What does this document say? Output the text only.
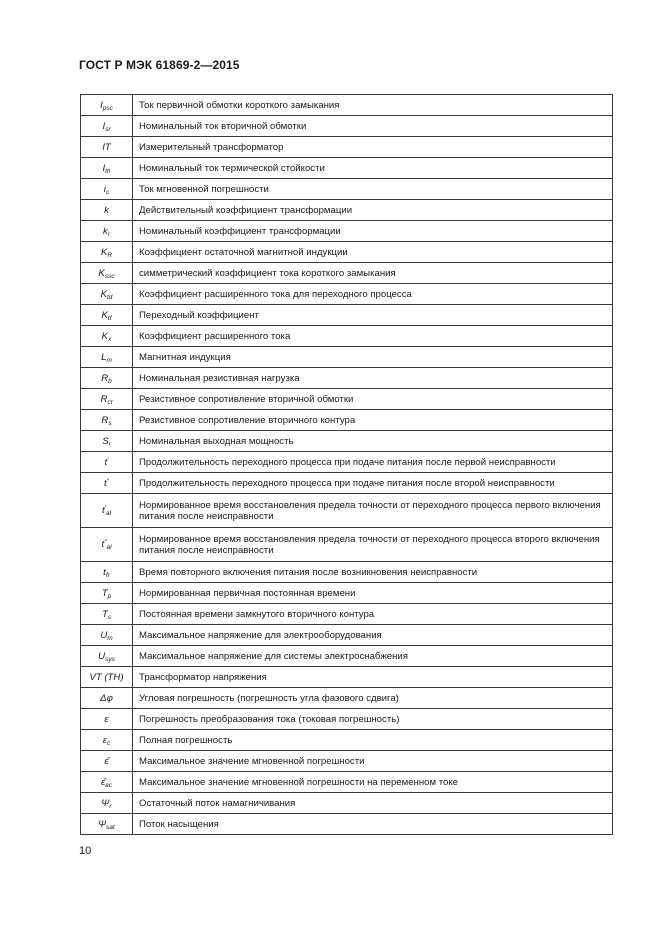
ГОСТ Р МЭК 61869-2—2015
$I_{psc}$	Ток первичной обмотки короткого замыкания
$I_{sr}$	Номинальный ток вторичной обмотки
IT	Измерительный трансформатор
$I_{th}$	Номинальный ток термической стойкости
$i_c$	Ток мгновенной погрешности
k	Действительный коэффициент трансформации
$k_r$	Номинальный коэффициент трансформации
$K_R$	Коэффициент остаточной магнитной индукции
$K_{ssc}$	симметрический коэффициент тока короткого замыкания
$K_{td}$	Коэффициент расширенного тока для переходного процесса
$K_{tf}$	Переходный коэффициент
$K_x$	Коэффициент расширенного тока
$L_m$	Магнитная индукция
$R_b$	Номинальная резистивная нагрузка
$R_{ct}$	Резистивное сопротивление вторичной обмотки
$R_s$	Резистивное сопротивление вторичного контура
$S_r$	Номинальная выходная мощность
t′	Продолжительность переходного процесса при подаче питания после первой неисправности
t″	Продолжительность переходного процесса при подаче питания после второй неисправности
$t'_{al}$	Нормированное время восстановления предела точности от переходного процесса первого включения питания после неисправности
$t''_{al}$	Нормированное время восстановления предела точности от переходного процесса второго включения питания после неисправности
$t_{fr}$	Время повторного включения питания после возникновения неисправности
$T_p$	Нормированная первичная постоянная времени
$T_s$	Постоянная времени замкнутого вторичного контура
$U_m$	Максимальное напряжение для электрооборудования
$U_{sys}$	Максимальное напряжение для системы электроснабжения
VT (TH)	Трансформатор напряжения
Δφ	Угловая погрешность (погрешность угла фазового сдвига)
ε	Погрешность преобразования тока (токовая погрешность)
$\varepsilon_c$	Полная погрешность
ε̂	Максимальное значение мгновенной погрешности
$\varepsilon̂_{ac}$	Максимальное значение мгновенной погрешности на переменном токе
$\Psi_r$	Остаточный поток намагничивания
$\Psi_{sat}$	Поток насыщения
10
